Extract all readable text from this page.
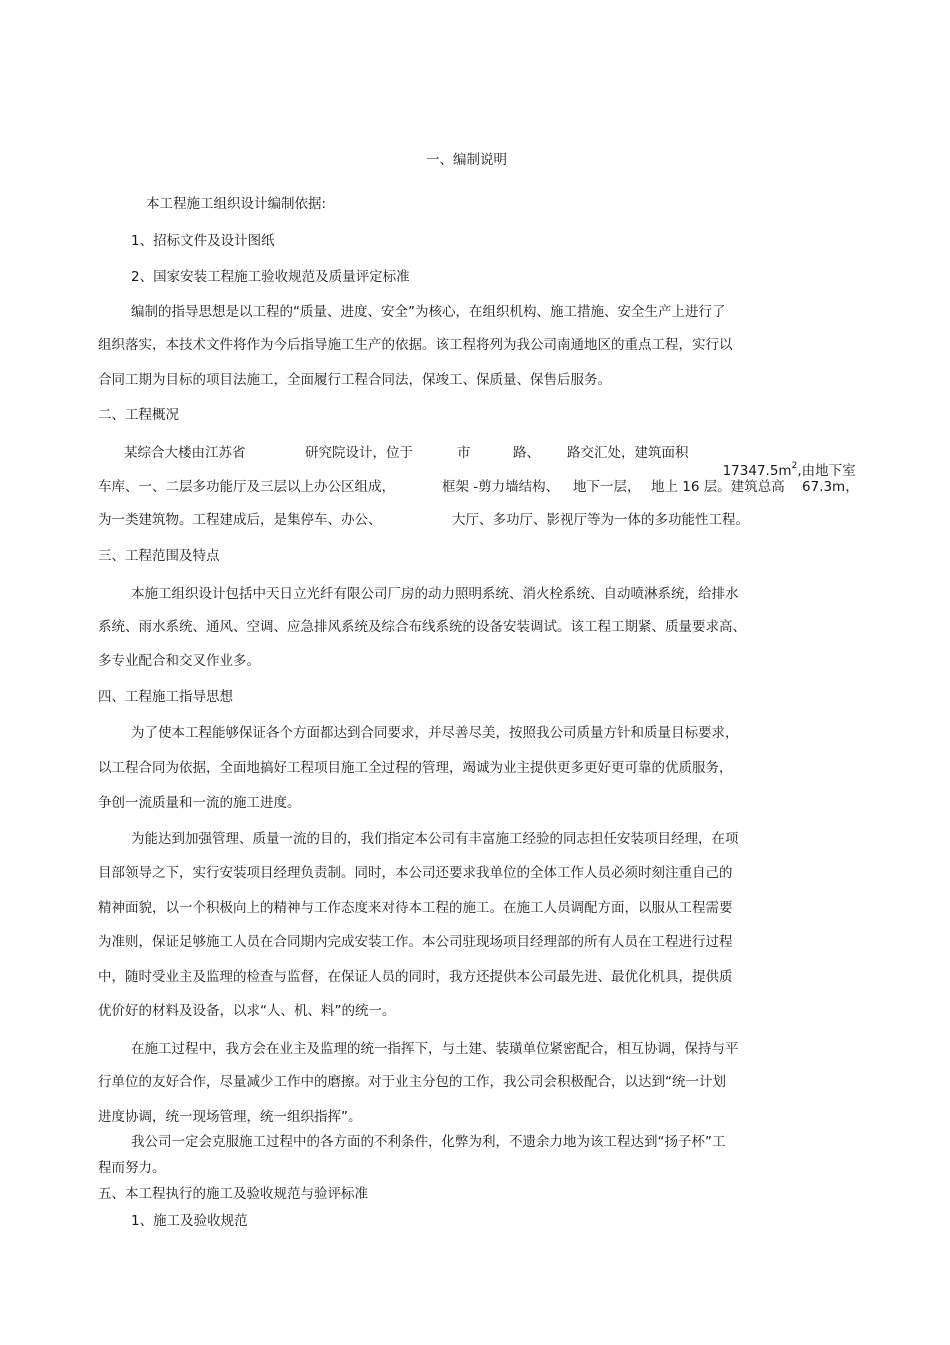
一、编制说明
本工程施工组织设计编制依据:
1、招标文件及设计图纸
2、国家安装工程施工验收规范及质量评定标准
编制的指导思想是以工程的“质量、进度、安全”为核心，在组织机构、施工措施、安全生产上进行了
组织落实，本技术文件将作为今后指导施工生产的依据。该工程将列为我公司南通地区的重点工程，实行以
合同工期为目标的项目法施工，全面履行工程合同法，保竣工、保质量、保售后服务。
二、工程概况
某综合大楼由江苏省	研究院设计，位于	市	路、 路交汇处，建筑面积

$17347.5m^2$,由地下室

车库、一、二层多功能厅及三层以上办公区组成，	框架 -剪力墙结构、 地下一层， 地上 16 层。建筑总高 67.3m，
为一类建筑物。工程建成后，是集停车、办公、	大厅、多功厅、影视厅等为一体的多功能性工程。
三、工程范围及特点
本施工组织设计包括中天日立光纤有限公司厂房的动力照明系统、消火栓系统、自动喷淋系统，给排水
系统、雨水系统、通风、空调、应急排风系统及综合布线系统的设备安装调试。该工程工期紧、质量要求高、
多专业配合和交叉作业多。
四、工程施工指导思想
为了使本工程能够保证各个方面都达到合同要求，并尽善尽美，按照我公司质量方针和质量目标要求，
以工程合同为依据，全面地搞好工程项目施工全过程的管理，竭诚为业主提供更多更好更可靠的优质服务，
争创一流质量和一流的施工进度。
为能达到加强管理、质量一流的目的，我们指定本公司有丰富施工经验的同志担任安装项目经理，在项
目部领导之下，实行安装项目经理负责制。同时，本公司还要求我单位的全体工作人员必须时刻注重自己的
精神面貌，以一个积极向上的精神与工作态度来对待本工程的施工。在施工人员调配方面，以服从工程需要
为准则，保证足够施工人员在合同期内完成安装工作。本公司驻现场项目经理部的所有人员在工程进行过程
中，随时受业主及监理的检查与监督，在保证人员的同时，我方还提供本公司最先进、最优化机具，提供质
优价好的材料及设备，以求“人、机、料”的统一。
在施工过程中，我方会在业主及监理的统一指挥下，与土建、装璜单位紧密配合，相互协调，保持与平
行单位的友好合作，尽量减少工作中的磨擦。对于业主分包的工作，我公司会积极配合，以达到“统一计划
进度协调，统一现场管理，统一组织指挥”。
我公司一定会克服施工过程中的各方面的不利条件，化弊为利，不遗余力地为该工程达到“扬子杯”工
程而努力。
五、本工程执行的施工及验收规范与验评标准
1、施工及验收规范
